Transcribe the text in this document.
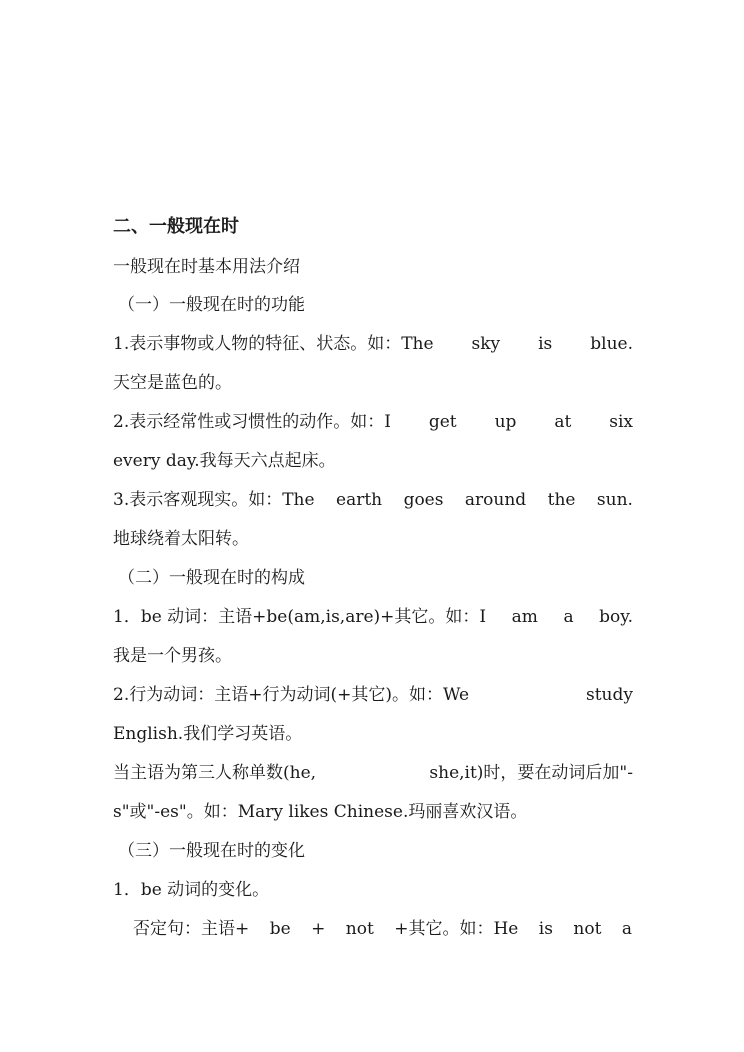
二、一般现在时
一般现在时基本用法介绍
（一）一般现在时的功能
1.表示事物或人物的特征、状态。如：The sky is blue.
天空是蓝色的。
2.表示经常性或习惯性的动作。如：I get up at six
every day.我每天六点起床。
3.表示客观现实。如：The earth goes around the sun.
地球绕着太阳转。
（二）一般现在时的构成
1．be 动词：主语+be(am,is,are)+其它。如：I am a boy.
我是一个男孩。
2.行为动词：主语+行为动词(+其它)。如：We	study
English.我们学习英语。
当主语为第三人称单数(he,	she,it)时，要在动词后加"-
s"或"-es"。如：Mary likes Chinese.玛丽喜欢汉语。
（三）一般现在时的变化
1．be 动词的变化。
否定句：主语+ be + not +其它。如：He is not a
